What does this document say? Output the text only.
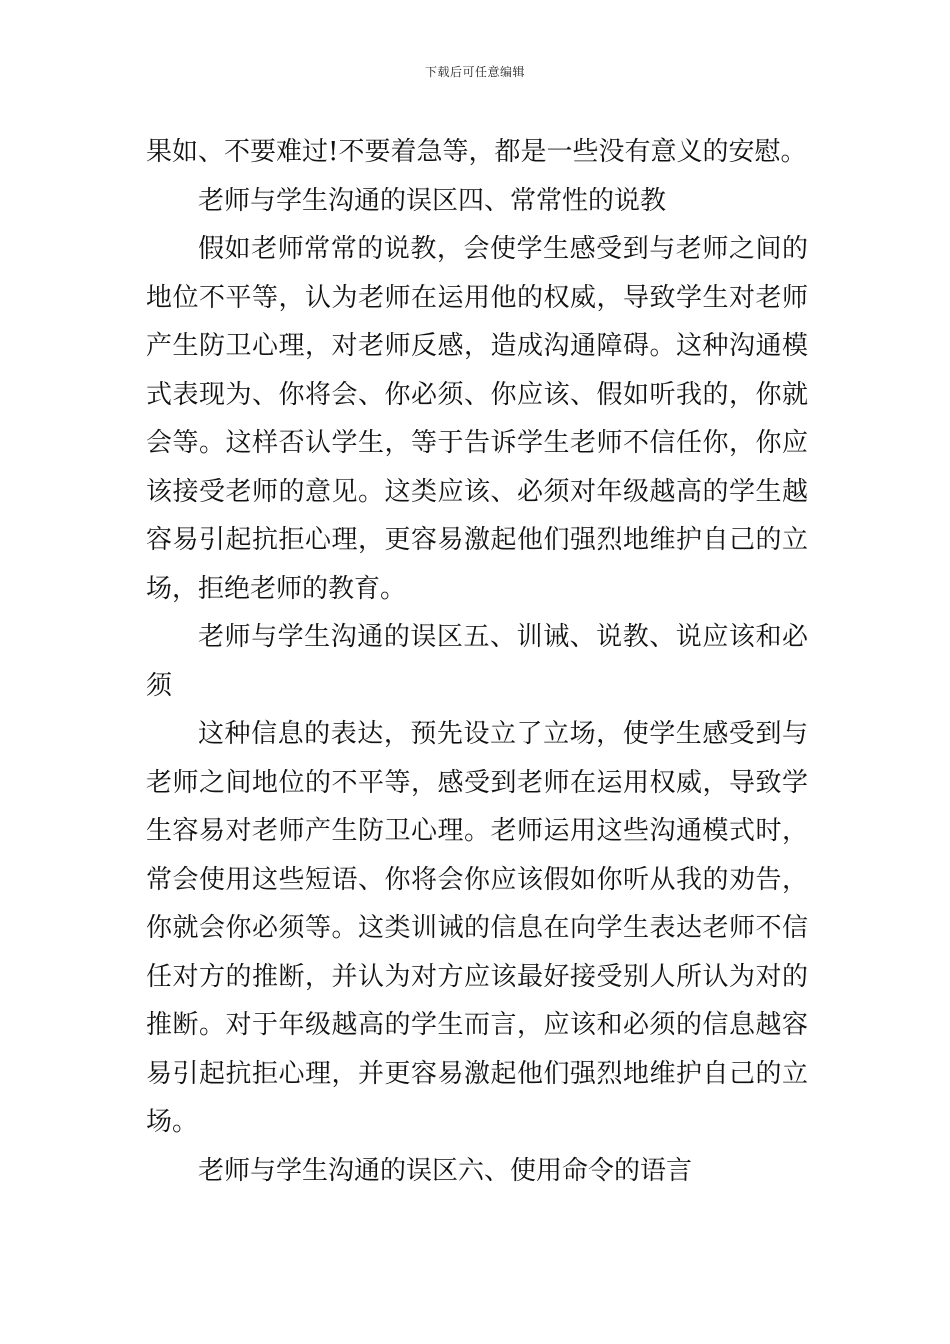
下载后可任意编辑

果如、不要难过!不要着急等，都是一些没有意义的安慰。

老师与学生沟通的误区四、常常性的说教

假如老师常常的说教，会使学生感受到与老师之间的地位不平等，认为老师在运用他的权威，导致学生对老师产生防卫心理，对老师反感，造成沟通障碍。这种沟通模式表现为、你将会、你必须、你应该、假如听我的，你就会等。这样否认学生，等于告诉学生老师不信任你，你应该接受老师的意见。这类应该、必须对年级越高的学生越容易引起抗拒心理，更容易激起他们强烈地维护自己的立场，拒绝老师的教育。

老师与学生沟通的误区五、训诫、说教、说应该和必须

这种信息的表达，预先设立了立场，使学生感受到与老师之间地位的不平等，感受到老师在运用权威，导致学生容易对老师产生防卫心理。老师运用这些沟通模式时，常会使用这些短语、你将会你应该假如你听从我的劝告，你就会你必须等。这类训诫的信息在向学生表达老师不信任对方的推断，并认为对方应该最好接受别人所认为对的推断。对于年级越高的学生而言，应该和必须的信息越容易引起抗拒心理，并更容易激起他们强烈地维护自己的立场。

老师与学生沟通的误区六、使用命令的语言
